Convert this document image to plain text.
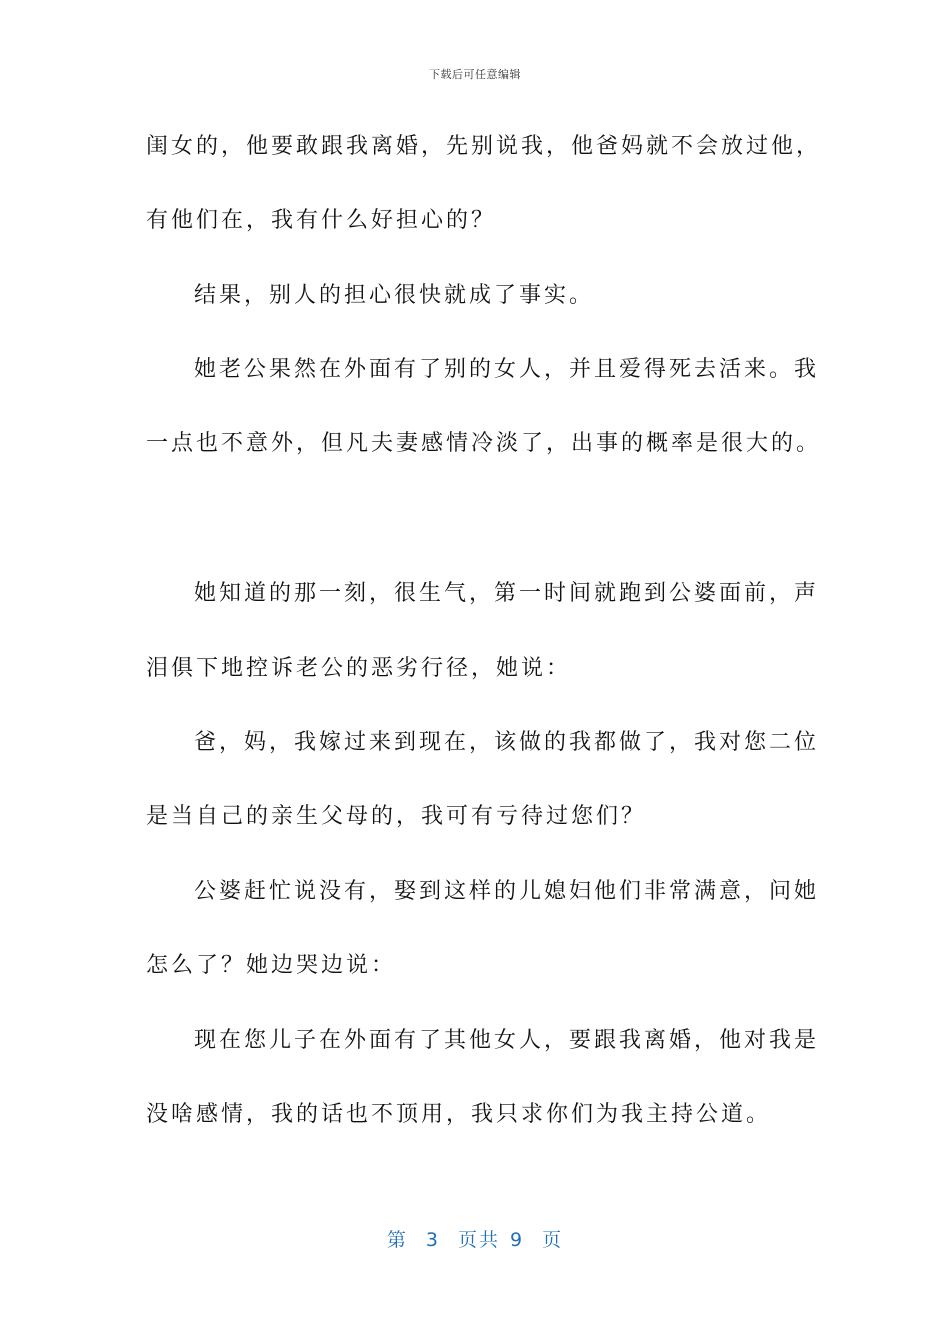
下载后可任意编辑

闺女的，他要敢跟我离婚，先别说我，他爸妈就不会放过他，

有他们在，我有什么好担心的？

结果，别人的担心很快就成了事实。

她老公果然在外面有了别的女人，并且爱得死去活来。我

一点也不意外，但凡夫妻感情冷淡了，出事的概率是很大的。

她知道的那一刻，很生气，第一时间就跑到公婆面前，声

泪俱下地控诉老公的恶劣行径，她说：

爸，妈，我嫁过来到现在，该做的我都做了，我对您二位

是当自己的亲生父母的，我可有亏待过您们？

公婆赶忙说没有，娶到这样的儿媳妇他们非常满意，问她

怎么了？她边哭边说：

现在您儿子在外面有了其他女人，要跟我离婚，他对我是

没啥感情，我的话也不顶用，我只求你们为我主持公道。

第 3 页共 9 页
